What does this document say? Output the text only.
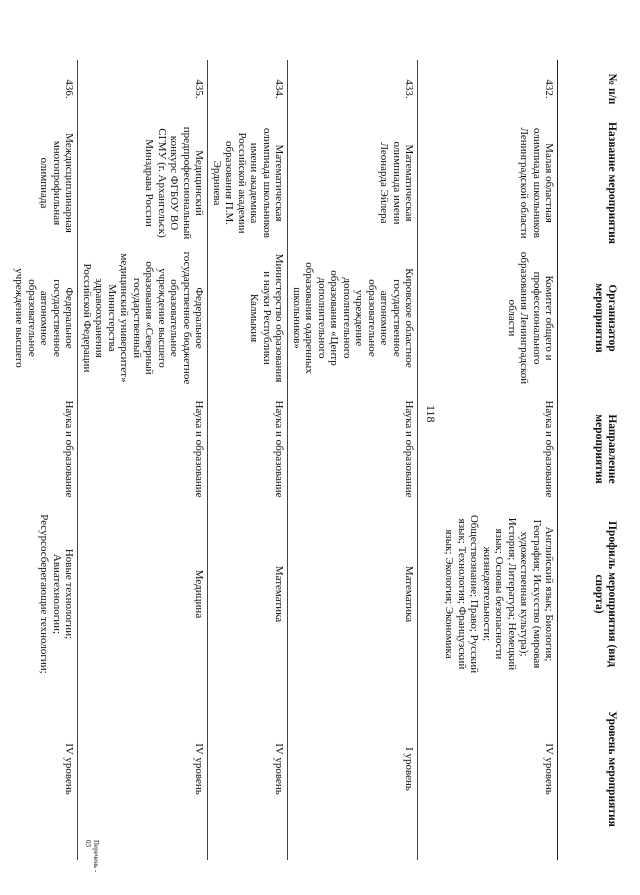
118
№ п/п	Название мероприятия	Организатор мероприятия	Направление мероприятия	Профиль мероприятия (вид спорта)	Уровень мероприятия
432.	Малая областная олимпиада школьников Ленинградской области	Комитет общего и профессионального образования Ленинградской области	Наука и образование	Английский язык; Биология; География; Искусство (мировая художественная культура); История; Литература; Немецкий язык; Основы безопасности жизнедеятельности; Обществознание; Право; Русский язык; Технология; Французский язык; Экология; Экономика	IV уровень
433.	Математическая олимпиада имени Леонарда Эйлера	Кировское областное государственное автономное образовательное учреждение дополнительного образования «Центр дополнительного образования одаренных школьников»	Наука и образование	Математика	I уровень
434.	Математическая олимпиада школьников имени академика Российской академии образования П.М. Эрдниева	Министерство образования и науки Республики Калмыкия	Наука и образование	Математика	IV уровень
435.	Медицинский предпрофессиональный конкурс ФГБОУ ВО СГМУ (г. Архангельск) Минздрава России	Федеральное государственное бюджетное образовательное учреждение высшего образования «Северный государственный медицинский университет» Министерства здравоохранения Российской Федерации	Наука и образование	Медицина	IV уровень
436.	Междисциплинарная многопрофильная олимпиада	Федеральное государственное автономное образовательное учреждение высшего	Наука и образование	Новые технологии; Авиатехнологии; Ресурсосберегающие технологии;	IV уровень
Перечень - 03
